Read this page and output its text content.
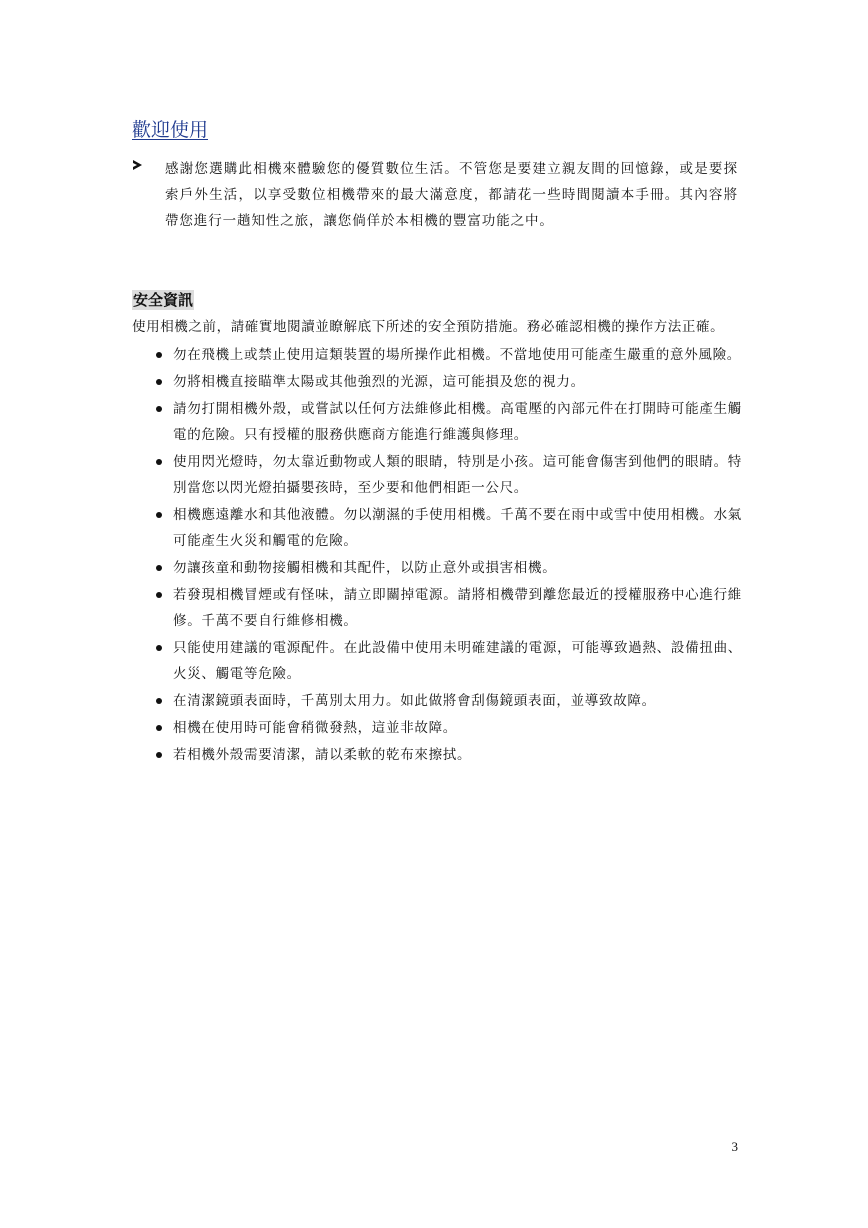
歡迎使用
感謝您選購此相機來體驗您的優質數位生活。不管您是要建立親友間的回憶錄，或是要探索戶外生活，以享受數位相機帶來的最大滿意度，都請花一些時間閱讀本手冊。其內容將帶您進行一趟知性之旅，讓您倘佯於本相機的豐富功能之中。
安全資訊
使用相機之前，請確實地閱讀並瞭解底下所述的安全預防措施。務必確認相機的操作方法正確。
勿在飛機上或禁止使用這類裝置的場所操作此相機。不當地使用可能產生嚴重的意外風險。
勿將相機直接瞄準太陽或其他強烈的光源，這可能損及您的視力。
請勿打開相機外殼，或嘗試以任何方法維修此相機。高電壓的內部元件在打開時可能產生觸電的危險。只有授權的服務供應商方能進行維護與修理。
使用閃光燈時，勿太靠近動物或人類的眼睛，特別是小孩。這可能會傷害到他們的眼睛。特別當您以閃光燈拍攝嬰孩時，至少要和他們相距一公尺。
相機應遠離水和其他液體。勿以潮濕的手使用相機。千萬不要在雨中或雪中使用相機。水氣可能產生火災和觸電的危險。
勿讓孩童和動物接觸相機和其配件，以防止意外或損害相機。
若發現相機冒煙或有怪味，請立即關掉電源。請將相機帶到離您最近的授權服務中心進行維修。千萬不要自行維修相機。
只能使用建議的電源配件。在此設備中使用未明確建議的電源，可能導致過熱、設備扭曲、火災、觸電等危險。
在清潔鏡頭表面時，千萬別太用力。如此做將會刮傷鏡頭表面，並導致故障。
相機在使用時可能會稍微發熱，這並非故障。
若相機外殼需要清潔，請以柔軟的乾布來擦拭。
3
